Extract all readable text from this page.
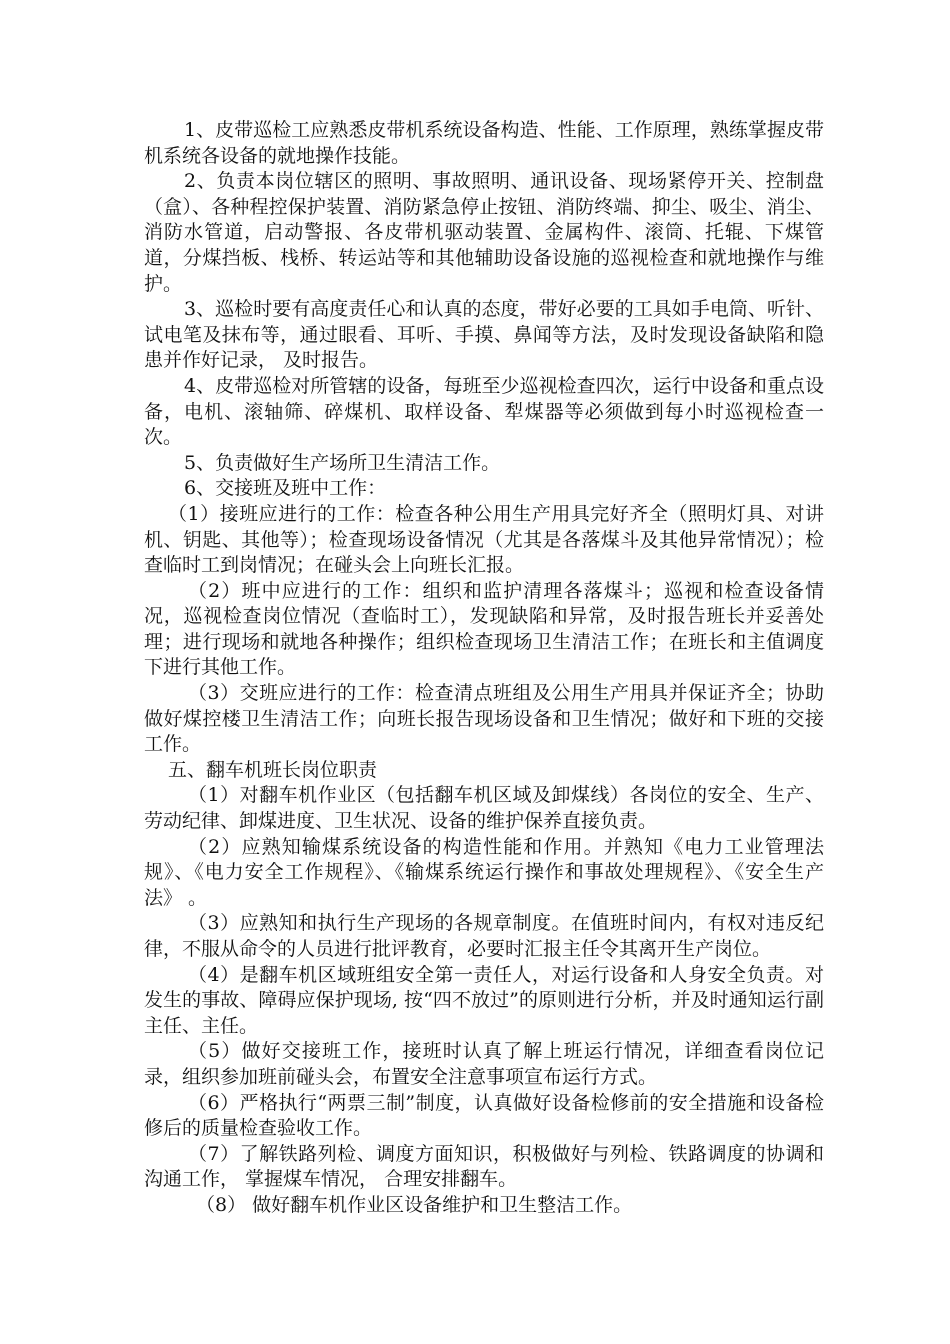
1、皮带巡检工应熟悉皮带机系统设备构造、性能、工作原理，熟练掌握皮带机系统各设备的就地操作技能。

2、负责本岗位辖区的照明、事故照明、通讯设备、现场紧停开关、控制盘（盒）、各种程控保护装置、消防紧急停止按钮、消防终端、抑尘、吸尘、消尘、消防水管道，启动警报、各皮带机驱动装置、金属构件、滚筒、托辊、下煤管道，分煤挡板、栈桥、转运站等和其他辅助设备设施的巡视检查和就地操作与维护。

3、巡检时要有高度责任心和认真的态度，带好必要的工具如手电筒、听针、试电笔及抹布等，通过眼看、耳听、手摸、鼻闻等方法，及时发现设备缺陷和隐患并作好记录， 及时报告。

4、皮带巡检对所管辖的设备，每班至少巡视检查四次，运行中设备和重点设备，电机、滚轴筛、碎煤机、取样设备、犁煤器等必须做到每小时巡视检查一次。

5、负责做好生产场所卫生清洁工作。

6、交接班及班中工作：

（1）接班应进行的工作：检查各种公用生产用具完好齐全（照明灯具、对讲机、钥匙、其他等）；检查现场设备情况（尤其是各落煤斗及其他异常情况）；检查临时工到岗情况；在碰头会上向班长汇报。

（2）班中应进行的工作：组织和监护清理各落煤斗；巡视和检查设备情况，巡视检查岗位情况（查临时工），发现缺陷和异常，及时报告班长并妥善处理；进行现场和就地各种操作；组织检查现场卫生清洁工作；在班长和主值调度下进行其他工作。

（3）交班应进行的工作：检查清点班组及公用生产用具并保证齐全；协助做好煤控楼卫生清洁工作；向班长报告现场设备和卫生情况；做好和下班的交接工作。

五、翻车机班长岗位职责

（1）对翻车机作业区（包括翻车机区域及卸煤线）各岗位的安全、生产、劳动纪律、卸煤进度、卫生状况、设备的维护保养直接负责。

（2）应熟知输煤系统设备的构造性能和作用。并熟知《电力工业管理法规》、《电力安全工作规程》、《输煤系统运行操作和事故处理规程》、《安全生产法》 。

（3）应熟知和执行生产现场的各规章制度。在值班时间内，有权对违反纪律，不服从命令的人员进行批评教育，必要时汇报主任令其离开生产岗位。

（4）是翻车机区域班组安全第一责任人，对运行设备和人身安全负责。对发生的事故、障碍应保护现场, 按“四不放过”的原则进行分析，并及时通知运行副主任、主任。

（5）做好交接班工作，接班时认真了解上班运行情况，详细查看岗位记录，组织参加班前碰头会，布置安全注意事项宣布运行方式。

（6）严格执行“两票三制”制度，认真做好设备检修前的安全措施和设备检修后的质量检查验收工作。

（7）了解铁路列检、调度方面知识，积极做好与列检、铁路调度的协调和沟通工作， 掌握煤车情况， 合理安排翻车。

（8） 做好翻车机作业区设备维护和卫生整洁工作。
